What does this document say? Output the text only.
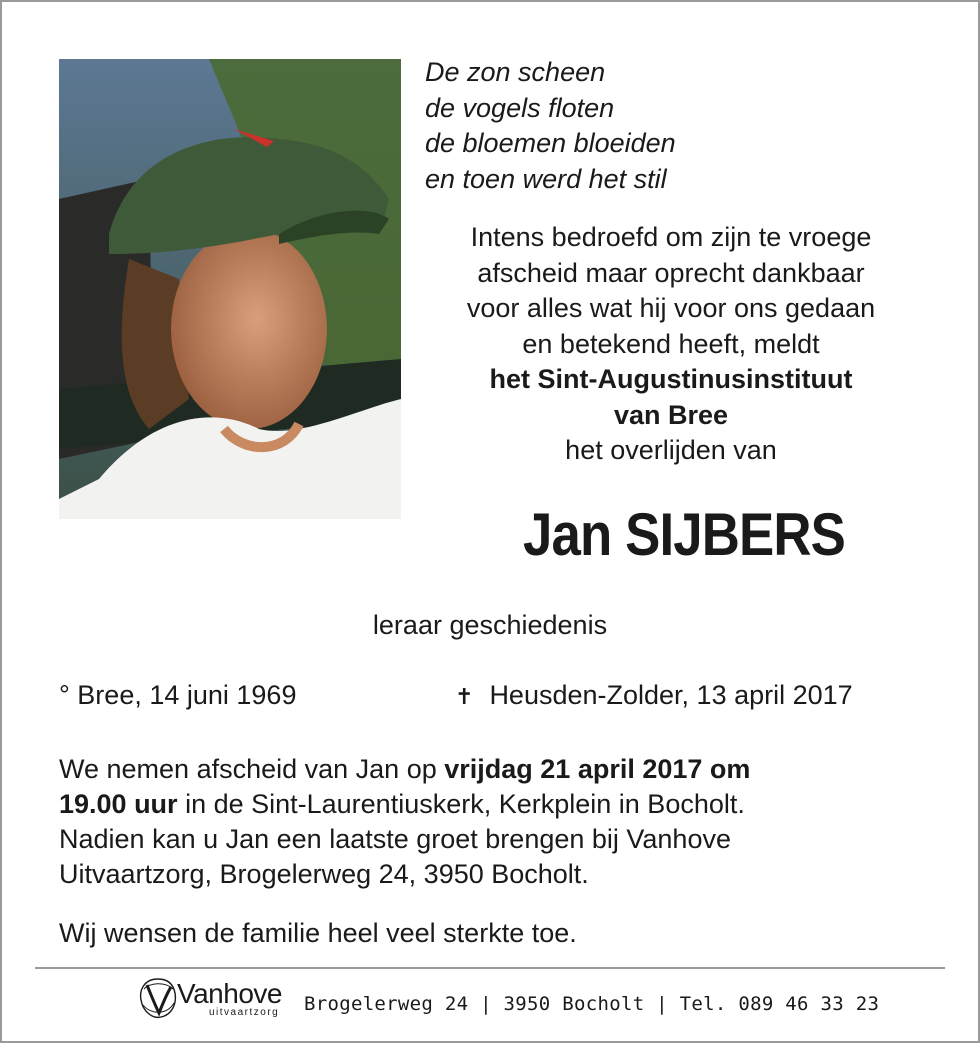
De zon scheen
de vogels floten
de bloemen bloeiden
en toen werd het stil
Intens bedroefd om zijn te vroege
afscheid maar oprecht dankbaar
voor alles wat hij voor ons gedaan
en betekend heeft, meldt
het Sint-Augustinusinstituut
van Bree
het overlijden van
Jan SIJBERS
leraar geschiedenis
° Bree, 14 juni 1969	✝ Heusden-Zolder, 13 april 2017
We nemen afscheid van Jan op vrijdag 21 april 2017 om
19.00 uur in de Sint-Laurentiuskerk, Kerkplein in Bocholt.
Nadien kan u Jan een laatste groet brengen bij Vanhove
Uitvaartzorg, Brogelerweg 24, 3950 Bocholt.
Wij wensen de familie heel veel sterkte toe.
Vanhove
uitvaartzorg Brogelerweg 24 | 3950 Bocholt | Tel. 089 46 33 23
